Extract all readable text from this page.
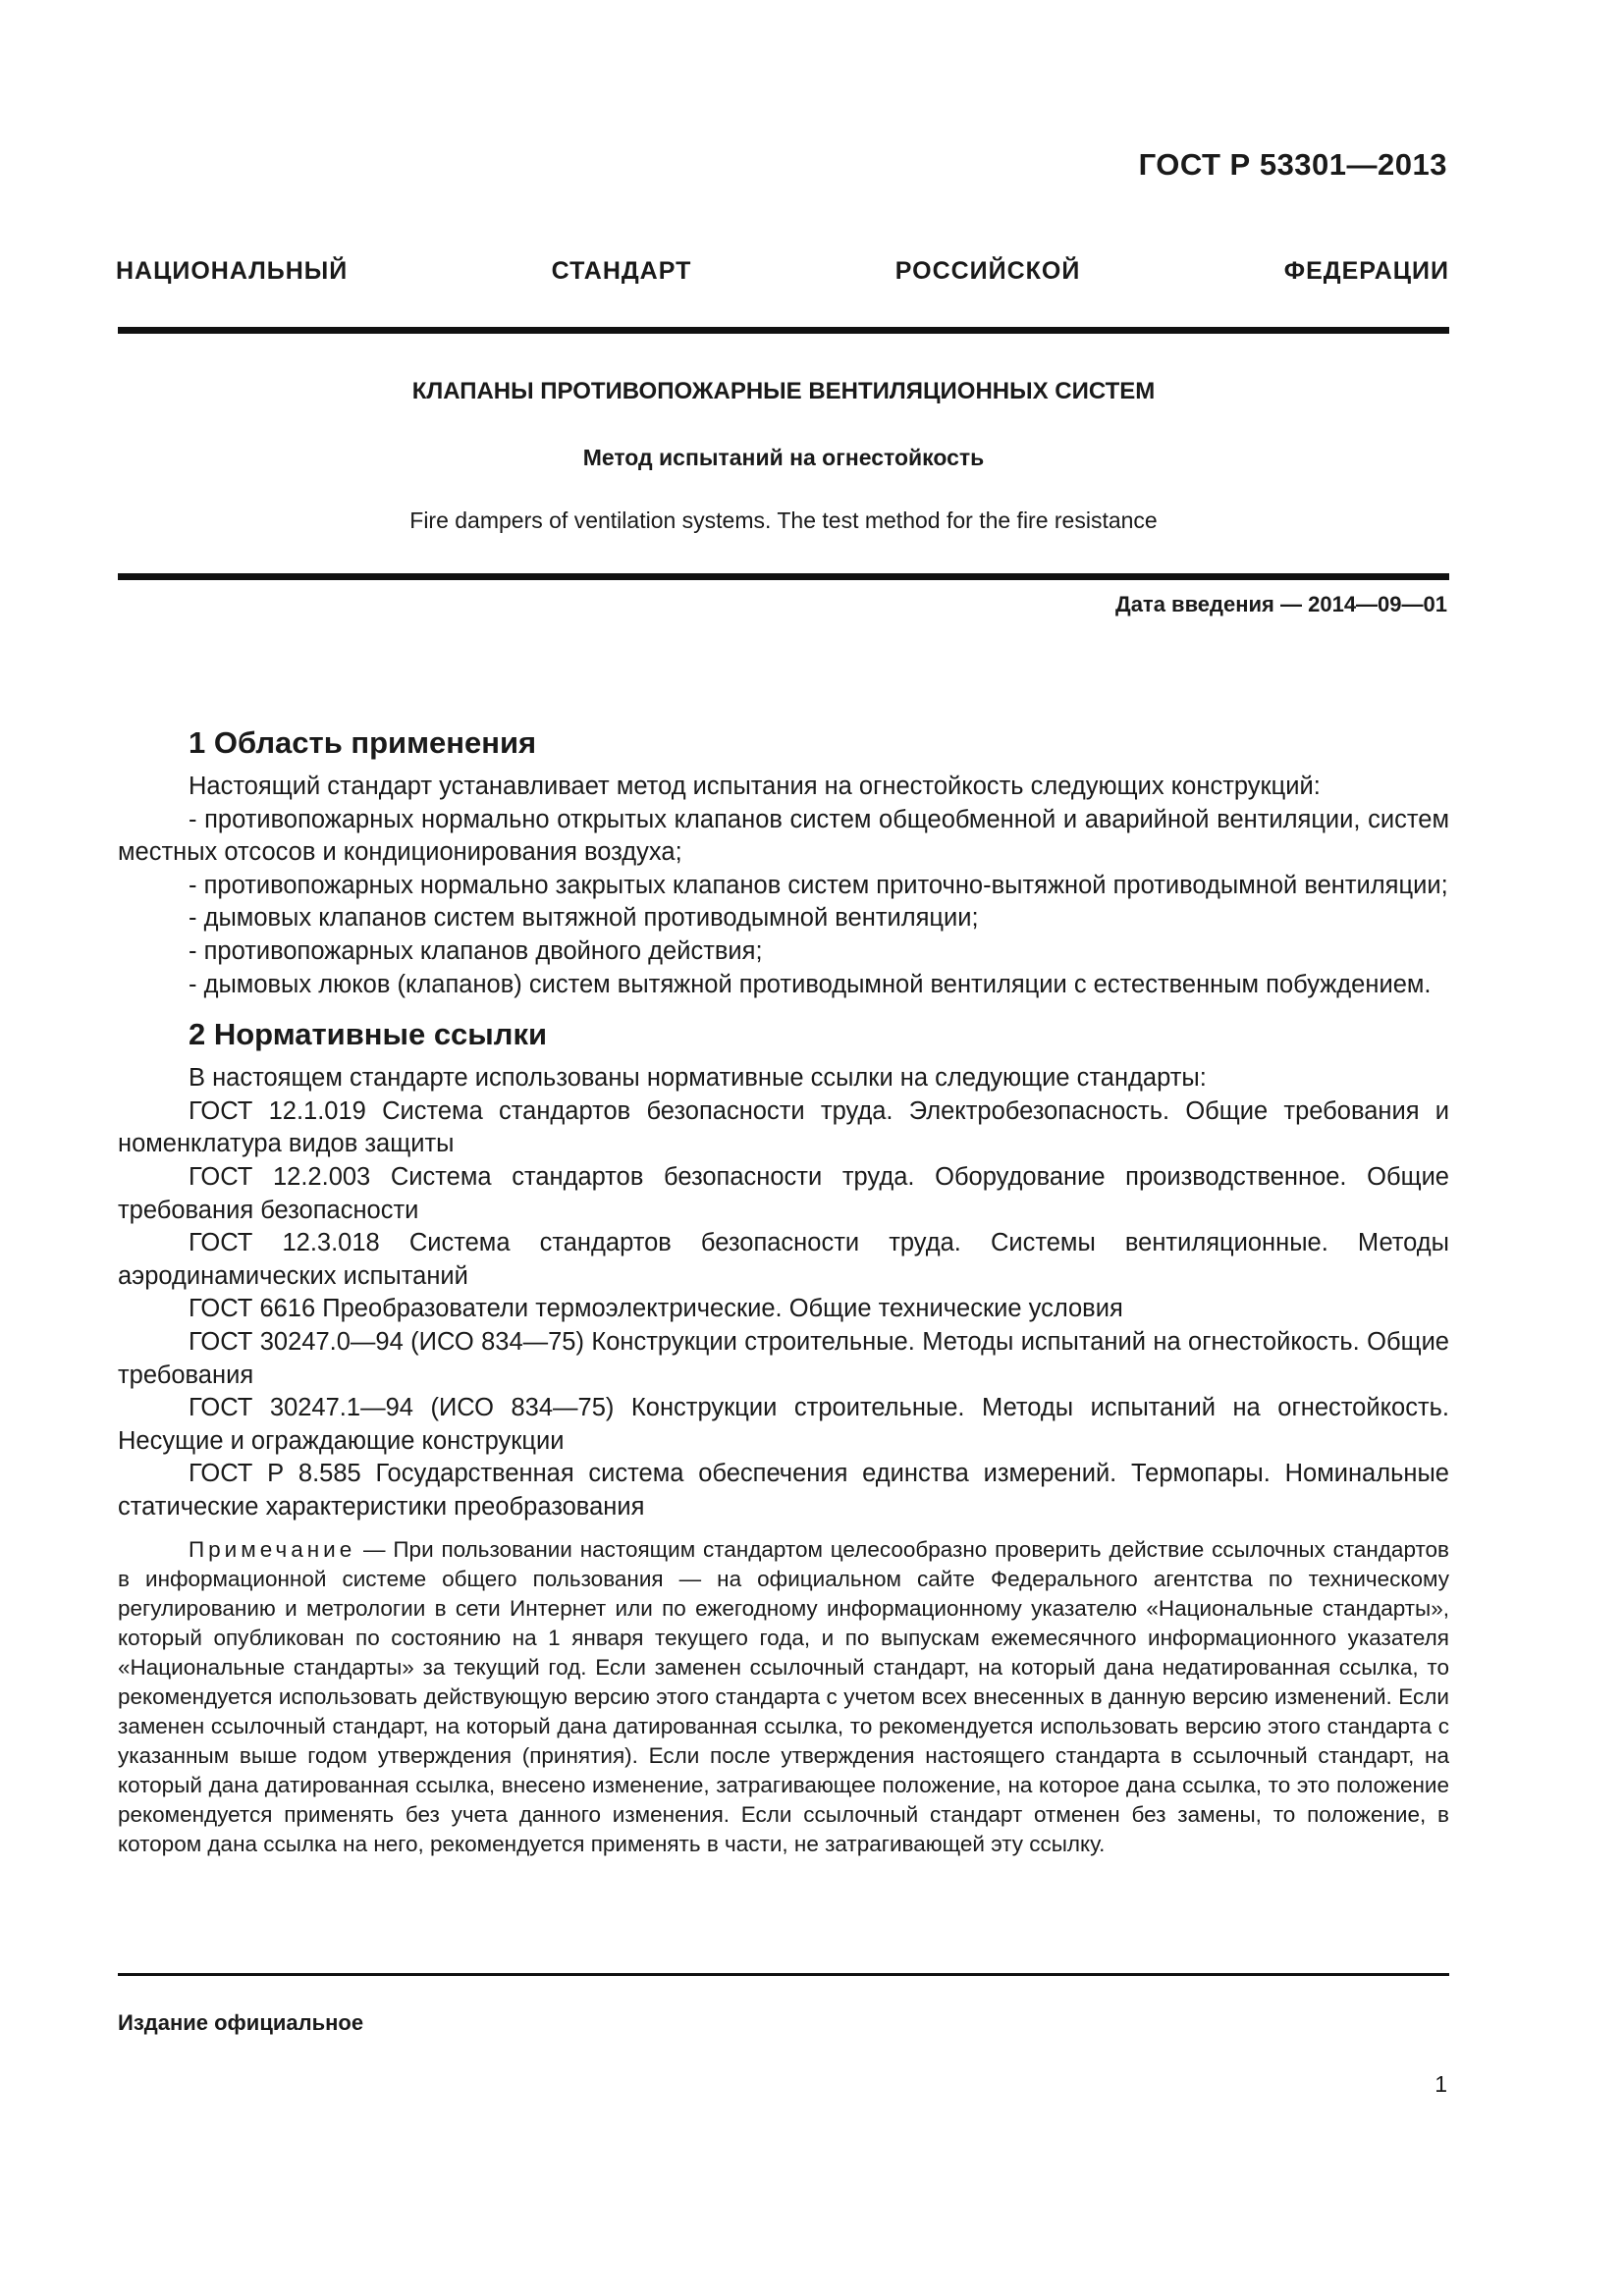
ГОСТ Р 53301—2013
НАЦИОНАЛЬНЫЙ СТАНДАРТ РОССИЙСКОЙ ФЕДЕРАЦИИ
КЛАПАНЫ ПРОТИВОПОЖАРНЫЕ ВЕНТИЛЯЦИОННЫХ СИСТЕМ
Метод испытаний на огнестойкость
Fire dampers of ventilation systems. The test method for the fire resistance
Дата введения — 2014—09—01
1 Область применения

Настоящий стандарт устанавливает метод испытания на огнестойкость следующих конструкций:

- противопожарных нормально открытых клапанов систем общеобменной и аварийной вентиляции, систем местных отсосов и кондиционирования воздуха;

- противопожарных нормально закрытых клапанов систем приточно-вытяжной противодымной вентиляции;

- дымовых клапанов систем вытяжной противодымной вентиляции;

- противопожарных клапанов двойного действия;

- дымовых люков (клапанов) систем вытяжной противодымной вентиляции с естественным побуждением.

2 Нормативные ссылки

В настоящем стандарте использованы нормативные ссылки на следующие стандарты:

ГОСТ 12.1.019 Система стандартов безопасности труда. Электробезопасность. Общие требования и номенклатура видов защиты

ГОСТ 12.2.003 Система стандартов безопасности труда. Оборудование производственное. Общие требования безопасности

ГОСТ 12.3.018 Система стандартов безопасности труда. Системы вентиляционные. Методы аэродинамических испытаний

ГОСТ 6616 Преобразователи термоэлектрические. Общие технические условия

ГОСТ 30247.0—94 (ИСО 834—75) Конструкции строительные. Методы испытаний на огнестойкость. Общие требования

ГОСТ 30247.1—94 (ИСО 834—75) Конструкции строительные. Методы испытаний на огнестойкость. Несущие и ограждающие конструкции

ГОСТ Р 8.585 Государственная система обеспечения единства измерений. Термопары. Номинальные статические характеристики преобразования

Примечание — При пользовании настоящим стандартом целесообразно проверить действие ссылочных стандартов в информационной системе общего пользования — на официальном сайте Федерального агентства по техническому регулированию и метрологии в сети Интернет или по ежегодному информационному указателю «Национальные стандарты», который опубликован по состоянию на 1 января текущего года, и по выпускам ежемесячного информационного указателя «Национальные стандарты» за текущий год. Если заменен ссылочный стандарт, на который дана недатированная ссылка, то рекомендуется использовать действующую версию этого стандарта с учетом всех внесенных в данную версию изменений. Если заменен ссылочный стандарт, на который дана датированная ссылка, то рекомендуется использовать версию этого стандарта с указанным выше годом утверждения (принятия). Если после утверждения настоящего стандарта в ссылочный стандарт, на который дана датированная ссылка, внесено изменение, затрагивающее положение, на которое дана ссылка, то это положение рекомендуется применять без учета данного изменения. Если ссылочный стандарт отменен без замены, то положение, в котором дана ссылка на него, рекомендуется применять в части, не затрагивающей эту ссылку.

Издание официальное
1
